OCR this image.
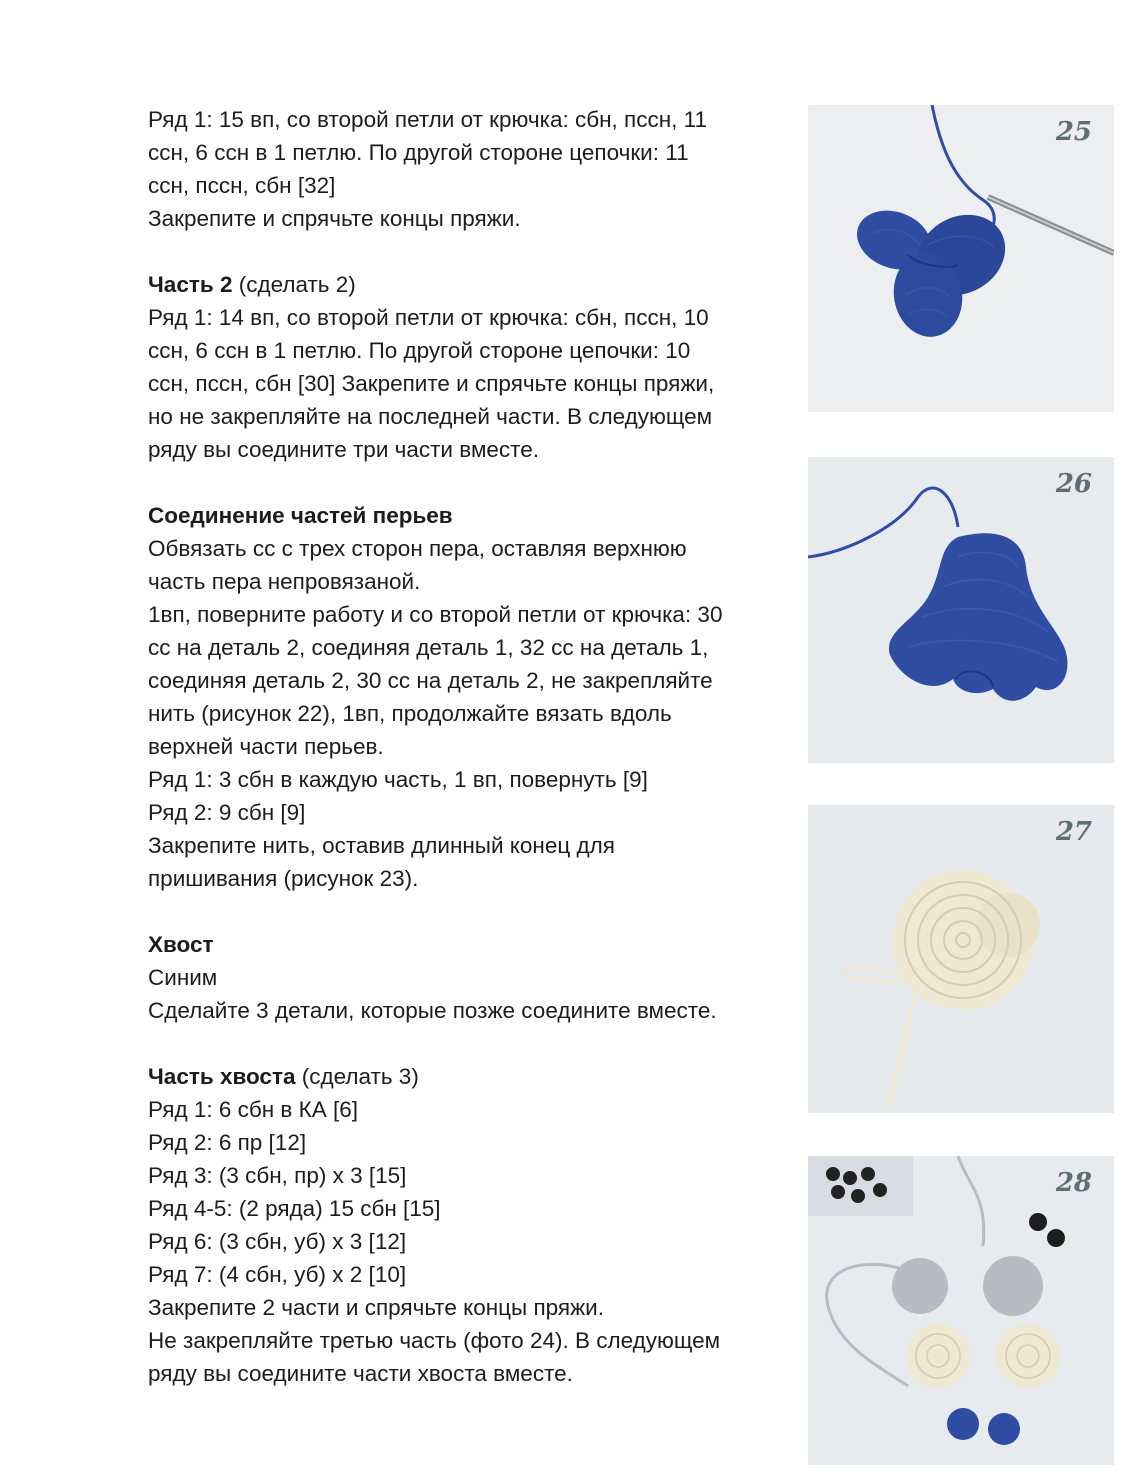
Ряд 1: 15 вп, со второй петли от крючка: сбн, пссн, 11
ссн, 6 ссн в 1 петлю. По другой стороне цепочки: 11
ссн, пссн, сбн [32]
Закрепите и спрячьте концы пряжи.
Часть 2 (сделать 2)
Ряд 1: 14 вп, со второй петли от крючка: сбн, пссн, 10
ссн, 6 ссн в 1 петлю. По другой стороне цепочки: 10
ссн, пссн, сбн [30] Закрепите и спрячьте концы пряжи,
но не закрепляйте на последней части. В следующем
ряду вы соедините три части вместе.
Соединение частей перьев
Обвязать сс с трех сторон пера, оставляя верхнюю
часть пера непровязаной.
1вп, поверните работу и со второй петли от крючка: 30
сс на деталь 2, соединяя деталь 1, 32 сс на деталь 1,
соединяя деталь 2, 30 сс на деталь 2, не закрепляйте
нить (рисунок 22), 1вп, продолжайте вязать вдоль
верхней части перьев.
Ряд 1: 3 сбн в каждую часть, 1 вп, повернуть [9]
Ряд 2: 9 сбн [9]
Закрепите нить, оставив длинный конец для
пришивания (рисунок 23).
Хвост
Синим
Сделайте 3 детали, которые позже соедините вместе.
Часть хвоста (сделать 3)
Ряд 1: 6 сбн в КА [6]
Ряд 2: 6 пр [12]
Ряд 3: (3 сбн, пр) х 3 [15]
Ряд 4-5: (2 ряда) 15 сбн [15]
Ряд 6: (3 сбн, уб) х 3 [12]
Ряд 7: (4 сбн, уб) х 2 [10]
Закрепите 2 части и спрячьте концы пряжи.
Не закрепляйте третью часть (фото 24). В следующем
ряду вы соедините части хвоста вместе.
25
26
27
28
